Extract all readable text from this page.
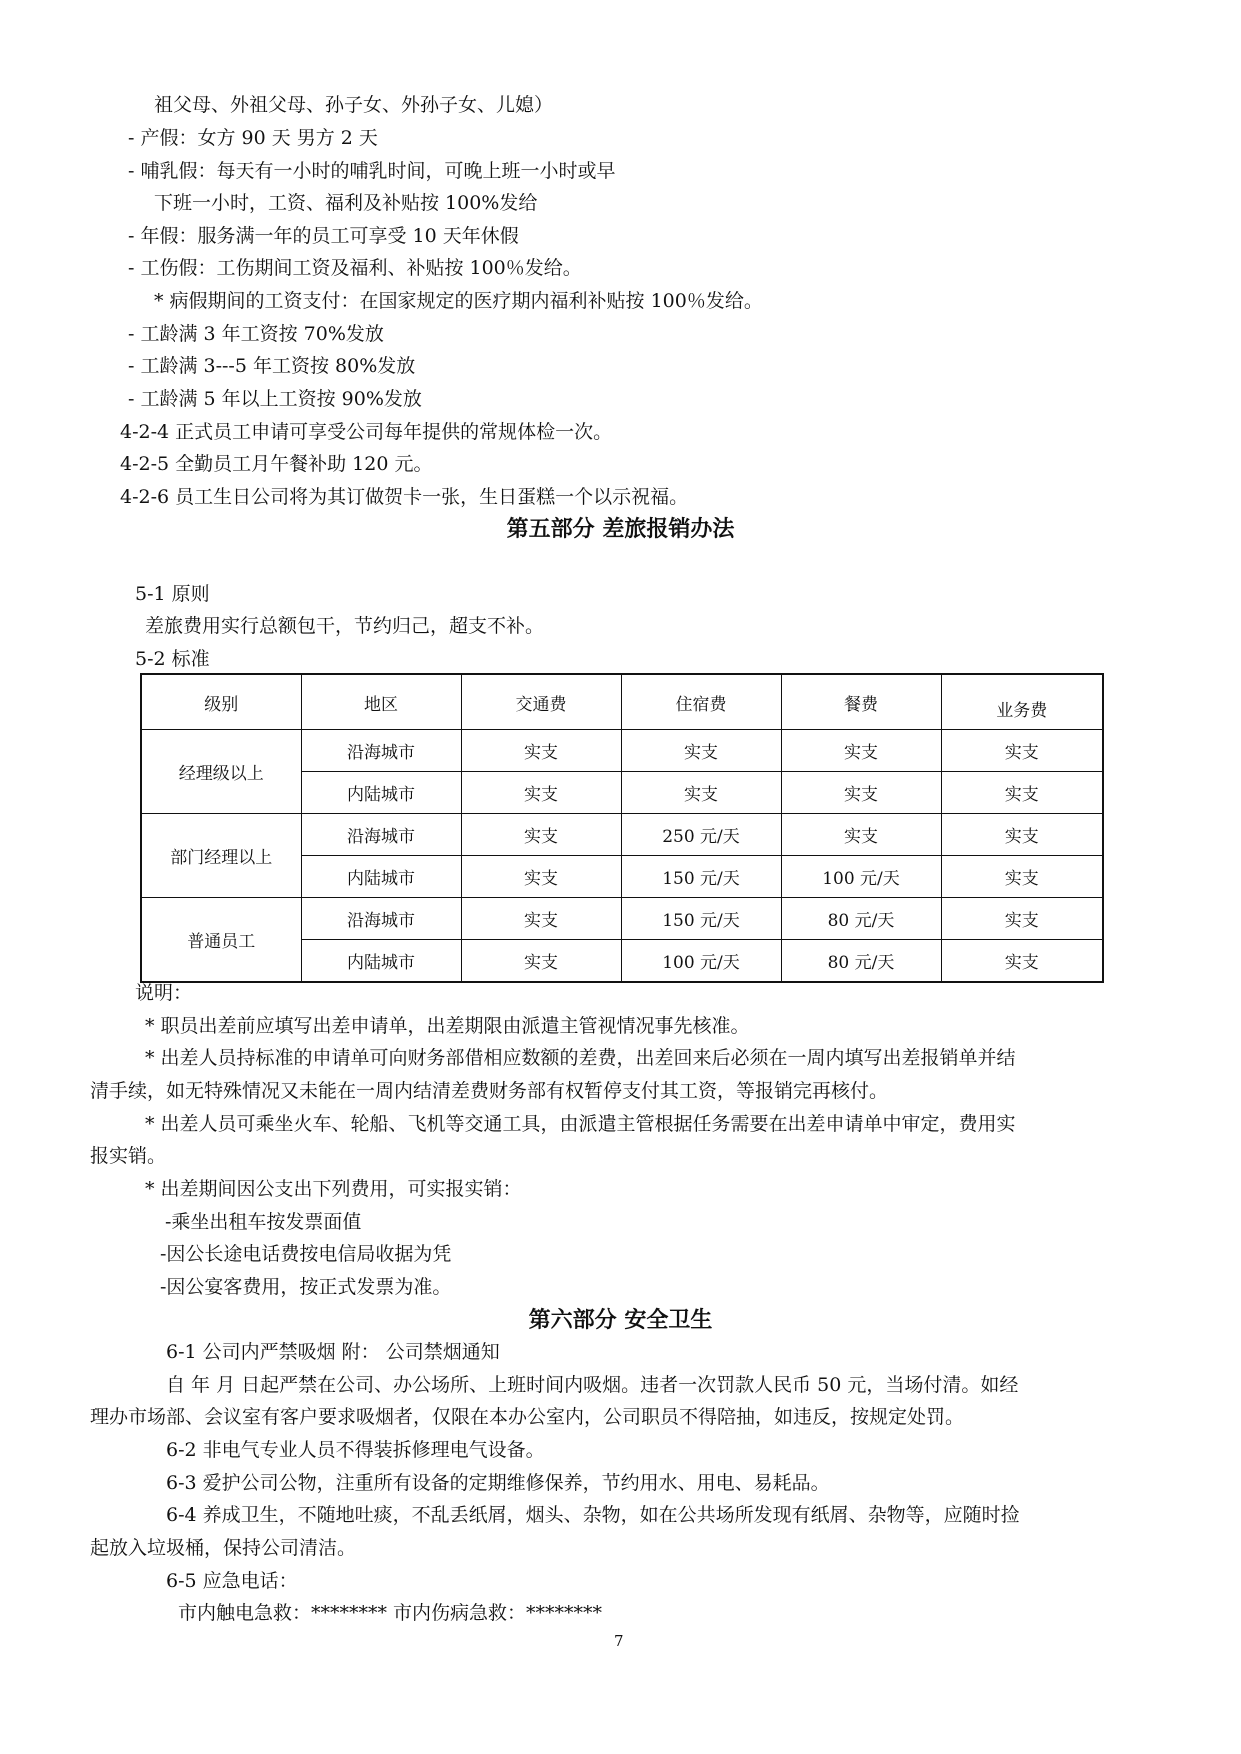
祖父母、外祖父母、孙子女、外孙子女、儿媳）
- 产假：女方 90 天 男方 2 天
- 哺乳假：每天有一小时的哺乳时间，可晚上班一小时或早
下班一小时，工资、福利及补贴按 100%发给
- 年假：服务满一年的员工可享受 10 天年休假
- 工伤假：工伤期间工资及福利、补贴按 100％发给。
* 病假期间的工资支付：在国家规定的医疗期内福利补贴按 100％发给。
- 工龄满 3 年工资按 70%发放
- 工龄满 3---5 年工资按 80%发放
- 工龄满 5 年以上工资按 90%发放
4-2-4 正式员工申请可享受公司每年提供的常规体检一次。
4-2-5 全勤员工月午餐补助 120 元。
4-2-6 员工生日公司将为其订做贺卡一张，生日蛋糕一个以示祝福。
第五部分 差旅报销办法
5-1 原则
差旅费用实行总额包干，节约归己，超支不补。
5-2 标准
级别	地区	交通费	住宿费	餐费	业务费
经理级以上	沿海城市	实支	实支	实支	实支
	内陆城市	实支	实支	实支	实支
部门经理以上	沿海城市	实支	250 元/天	实支	实支
	内陆城市	实支	150 元/天	100 元/天	实支
普通员工	沿海城市	实支	150 元/天	80 元/天	实支
	内陆城市	实支	100 元/天	80 元/天	实支
说明：
* 职员出差前应填写出差申请单，出差期限由派遣主管视情况事先核准。
* 出差人员持标准的申请单可向财务部借相应数额的差费，出差回来后必须在一周内填写出差报销单并结
清手续，如无特殊情况又未能在一周内结清差费财务部有权暂停支付其工资，等报销完再核付。
* 出差人员可乘坐火车、轮船、飞机等交通工具，由派遣主管根据任务需要在出差申请单中审定，费用实
报实销。
* 出差期间因公支出下列费用，可实报实销：
-乘坐出租车按发票面值
-因公长途电话费按电信局收据为凭
-因公宴客费用，按正式发票为准。
第六部分 安全卫生
6-1 公司内严禁吸烟 附： 公司禁烟通知
自 年 月 日起严禁在公司、办公场所、上班时间内吸烟。违者一次罚款人民币 50 元，当场付清。如经
理办市场部、会议室有客户要求吸烟者，仅限在本办公室内，公司职员不得陪抽，如违反，按规定处罚。
6-2 非电气专业人员不得装拆修理电气设备。
6-3 爱护公司公物，注重所有设备的定期维修保养，节约用水、用电、易耗品。
6-4 养成卫生，不随地吐痰，不乱丢纸屑，烟头、杂物，如在公共场所发现有纸屑、杂物等，应随时捡
起放入垃圾桶，保持公司清洁。
6-5 应急电话：
市内触电急救：******** 市内伤病急救：********
7
